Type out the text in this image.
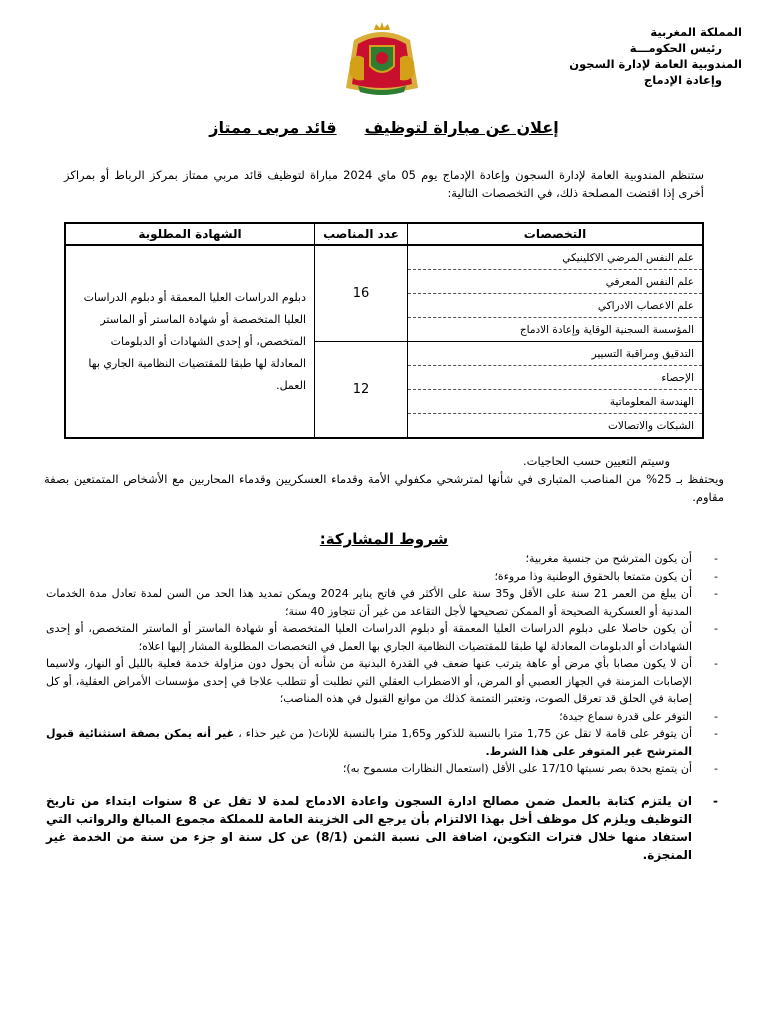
المملكة المغربية
رئيس الحكومـــة
المندوبية العامة لإدارة السجون
وإعادة الإدماج
إعلان عن مباراة لتوظيفقائد مربى ممتاز
ستنظم المندوبية العامة لإدارة السجون وإعادة الإدماج يوم 05 ماي 2024 مباراة لتوظيف قائد مربي ممتاز بمركز الرباط أو بمراكز أخرى إذا اقتضت المصلحة ذلك، في التخصصات التالية:
التخصصات	عدد المناصب	الشهادة المطلوبة
علم النفس المرضي الاكلينيكي	16	دبلوم الدراسات العليا المعمقة أو دبلوم الدراسات العليا المتخصصة أو شهادة الماستر أو الماستر المتخصص، أو إحدى الشهادات أو الدبلومات المعادلة لها طبقا للمقتضيات النظامية الجاري بها العمل.
علم النفس المعرفي		
علم الاعصاب الادراكي		
المؤسسة السجنية الوقاية وإعادة الادماج		
التدقيق ومراقبة التسيير	12	
الإحصاء		
الهندسة المعلوماتية		
الشبكات والاتصالات		
وسيتم التعيين حسب الحاجيات.
ويحتفظ بـ 25% من المناصب المتبارى في شأنها لمترشحي مكفولي الأمة وقدماء العسكريين وقدماء المحاربين مع الأشخاص المتمتعين بصفة مقاوم.
شروط المشاركة:
-
أن يكون المترشح من جنسية مغربية؛
-
أن يكون متمتعا بالحقوق الوطنية وذا مروءة؛
-
أن يبلغ من العمر 21 سنة على الأقل و35 سنة على الأكثر في فاتح يناير 2024 ويمكن تمديد هذا الحد من السن لمدة تعادل مدة الخدمات المدنية أو العسكرية الصحيحة أو الممكن تصحيحها لأجل التقاعد من غير أن تتجاوز 40 سنة؛
-
أن يكون حاصلا على دبلوم الدراسات العليا المعمقة أو دبلوم الدراسات العليا المتخصصة أو شهادة الماستر أو الماستر المتخصص، أو إحدى الشهادات أو الدبلومات المعادلة لها طبقا للمقتضيات النظامية الجاري بها العمل في التخصصات المطلوبة المشار إليها اعلاه؛
-
أن لا يكون مصابا بأي مرض أو عاهة يترتب عنها ضعف في القدرة البدنية من شأنه أن يحول دون مزاولة خدمة فعلية بالليل أو النهار، ولاسيما الإصابات المزمنة في الجهاز العصبي أو المرض، أو الاضطراب العقلي التي تطلبت أو تتطلب علاجا في إحدى مؤسسات الأمراض العقلية، أو كل إصابة في الحلق قد تعرقل الصوت، وتعتبر التمتمة كذلك من موانع القبول في هذه المناصب؛
-
التوفر على قدرة سماع جيدة؛
-
أن يتوفر على قامة لا تقل عن 1,75 مترا بالنسبة للذكور و1,65 مترا بالنسبة للإناث( من غير حذاء ، غير أنه يمكن بصفة استثنائية قبول المترشح غير المتوفر على هذا الشرط.
-
أن يتمتع بحدة بصر نسبتها 17/10 على الأقل (استعمال النظارات مسموح به)؛
-
ان يلتزم كتابة بالعمل ضمن مصالح ادارة السجون واعادة الادماج لمدة لا تقل عن 8 سنوات ابتداء من تاريخ التوظيف ويلزم كل موظف أخل بهذا الالتزام بأن يرجع الى الخزينة العامة للمملكة مجموع المبالغ والرواتب التي استفاد منها خلال فترات التكوين، اضافة الى نسبة الثمن (8/1) عن كل سنة او جزء من سنة من الخدمة غير المنجزة.
